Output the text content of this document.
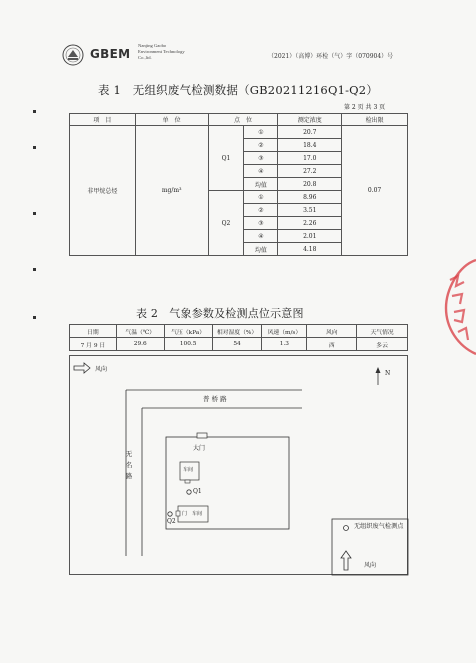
GBEM
Nanjing Gaobo
Environment Technology
Co.,ltd.	（2021）（高博）环检（气）字（070904）号
表 1　无组织废气检测数据（GB20211216Q1-Q2）
第 2 页 共 3 页
项　目	单　位	点　位		测定浓度	检出限
非甲烷总烃	mg/m³	Q1	①	20.7	0.07
			②	18.4	
			③	17.0	
			④	27.2	
			均值	20.8	
		Q2	①	8.96	
			②	3.51	
			③	2.26	
			④	2.01	
			均值	4.18	
表 2　气象参数及检测点位示意图
日期	气温（℃）	气压（kPa）	相对湿度（%）	风速（m/s）	风向	天气情况
7 月 9 日	29.6	100.5	54	1.3	西	多云
风向
N
普 桥 路
无
名
路
大门
车间
Q1
门 车间
Q2
无组织废气检测点
风向
